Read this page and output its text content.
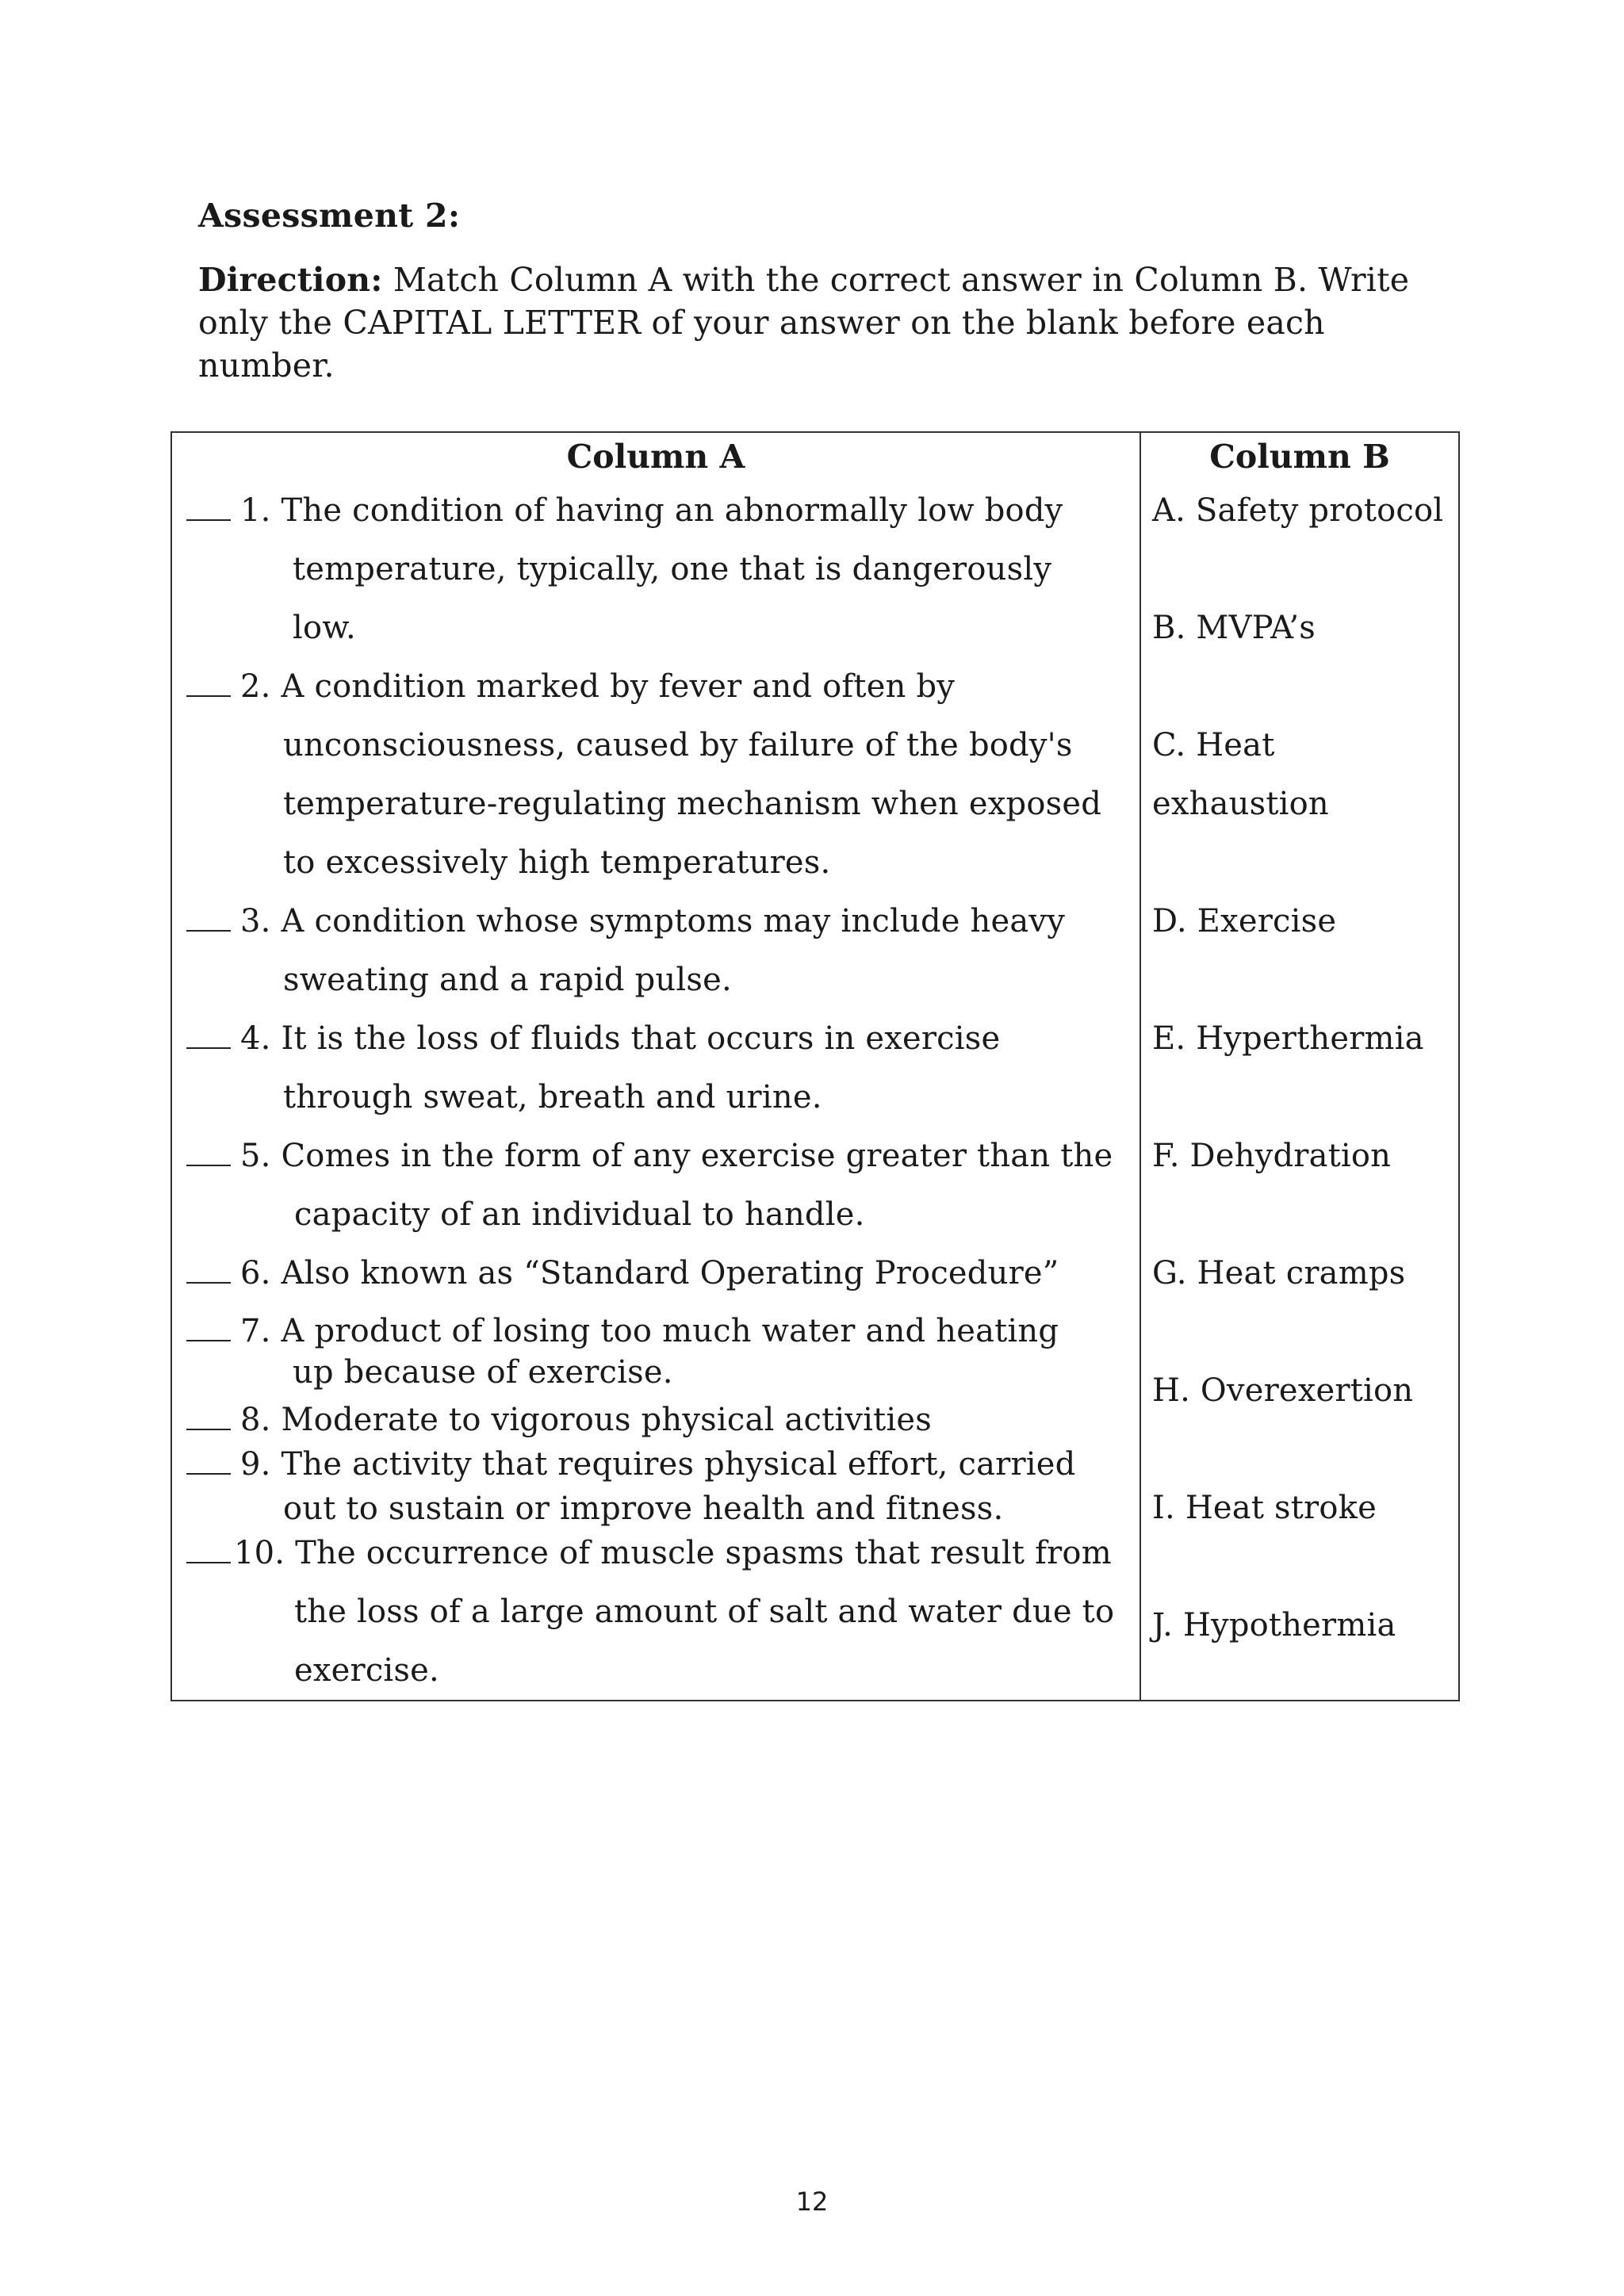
Assessment 2:
Direction: Match Column A with the correct answer in Column B. Write
only the CAPITAL LETTER of your answer on the blank before each number.
Column A	Column B
1. The condition of having an abnormally low body
temperature, typically, one that is dangerously
low.
2. A condition marked by fever and often by
unconsciousness, caused by failure of the body's
temperature-regulating mechanism when exposed
to excessively high temperatures.
3. A condition whose symptoms may include heavy
sweating and a rapid pulse.
4. It is the loss of fluids that occurs in exercise
through sweat, breath and urine.
5. Comes in the form of any exercise greater than the
capacity of an individual to handle.
6. Also known as “Standard Operating Procedure”
7. A product of losing too much water and heating
up because of exercise.
8. Moderate to vigorous physical activities
9. The activity that requires physical effort, carried
out to sustain or improve health and fitness.
10. The occurrence of muscle spasms that result from
the loss of a large amount of salt and water due to
exercise.
A. Safety protocol
B. MVPA’s
C. Heat
exhaustion
D. Exercise
E. Hyperthermia
F. Dehydration
G. Heat cramps
H. Overexertion
I. Heat stroke
J. Hypothermia
12
